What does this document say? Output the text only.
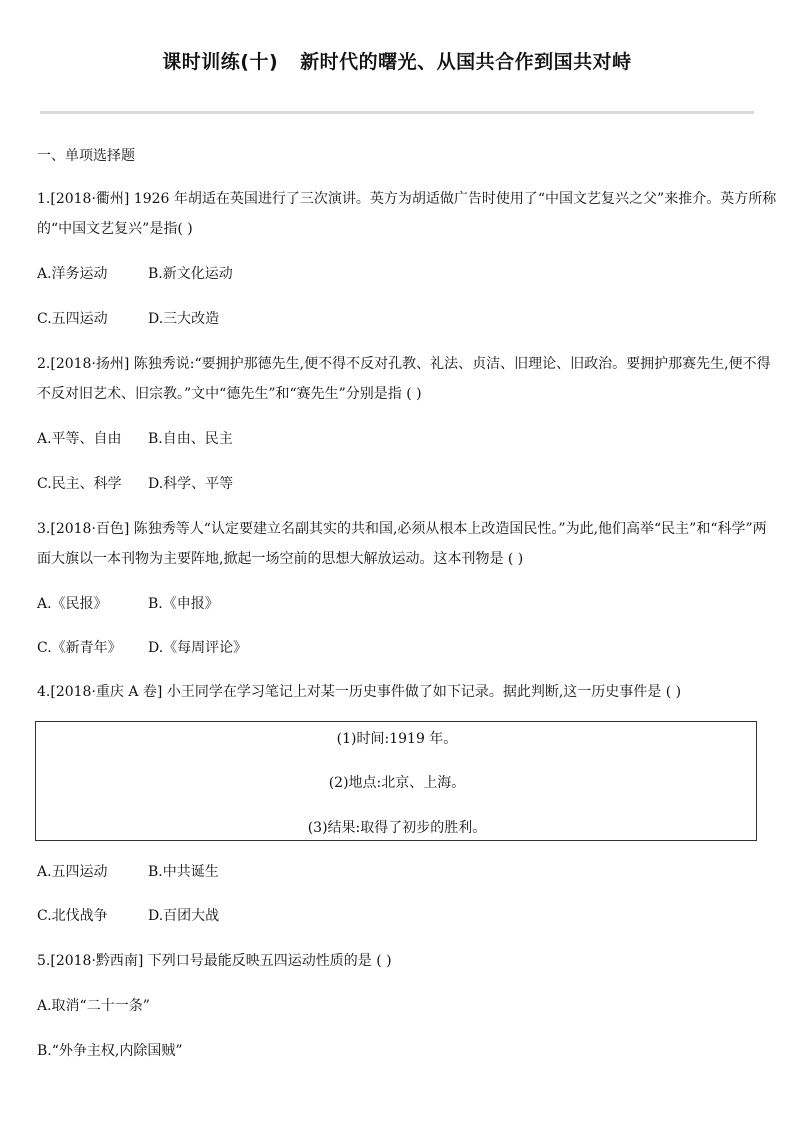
课时训练(十) 新时代的曙光、从国共合作到国共对峙
一、单项选择题
1.[2018·衢州] 1926 年胡适在英国进行了三次演讲。英方为胡适做广告时使用了“中国文艺复兴之父”来推介。英方所称
的“中国文艺复兴”是指( )
A.洋务运动	B.新文化运动
C.五四运动	D.三大改造
2.[2018·扬州] 陈独秀说:“要拥护那德先生,便不得不反对孔教、礼法、贞洁、旧理论、旧政治。要拥护那赛先生,便不得
不反对旧艺术、旧宗教。”文中“德先生”和“赛先生”分别是指 ( )
A.平等、自由 B.自由、民主
C.民主、科学 D.科学、平等
3.[2018·百色] 陈独秀等人“认定要建立名副其实的共和国,必须从根本上改造国民性。”为此,他们高举“民主”和“科学”两
面大旗以一本刊物为主要阵地,掀起一场空前的思想大解放运动。这本刊物是 ( )
A.《民报》	B.《申报》
C.《新青年》 D.《每周评论》
4.[2018·重庆 A 卷] 小王同学在学习笔记上对某一历史事件做了如下记录。据此判断,这一历史事件是 ( )
(1)时间:1919 年。
(2)地点:北京、上海。
(3)结果:取得了初步的胜利。
A.五四运动	B.中共诞生
C.北伐战争	D.百团大战
5.[2018·黔西南] 下列口号最能反映五四运动性质的是 ( )
A.取消“二十一条”
B.“外争主权,内除国贼”
